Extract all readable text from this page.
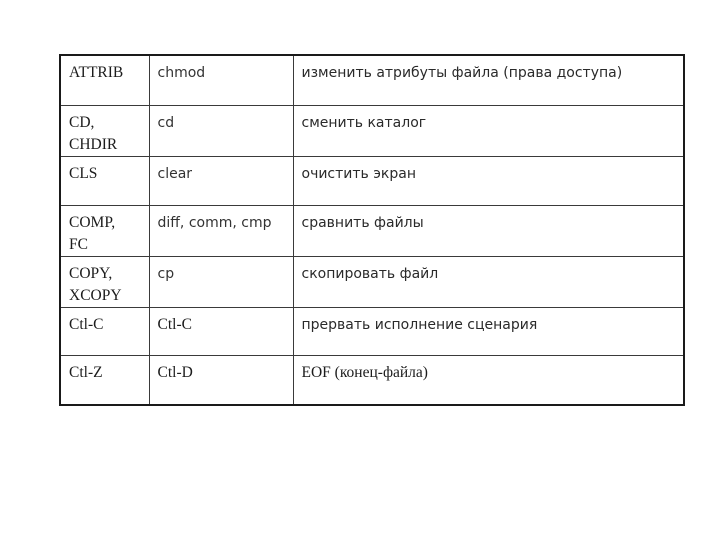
ATTRIB	chmod	изменить атрибуты файла (права доступа)

CD,
CHDIR	cd	сменить каталог

CLS	clear	очистить экран

COMP,
FC	diff, comm, cmp	сравнить файлы

COPY,
XCOPY	cp	скопировать файл

Ctl-C	Ctl-C	прервать исполнение сценария

Ctl-Z	Ctl-D	EOF (конец-файла)
